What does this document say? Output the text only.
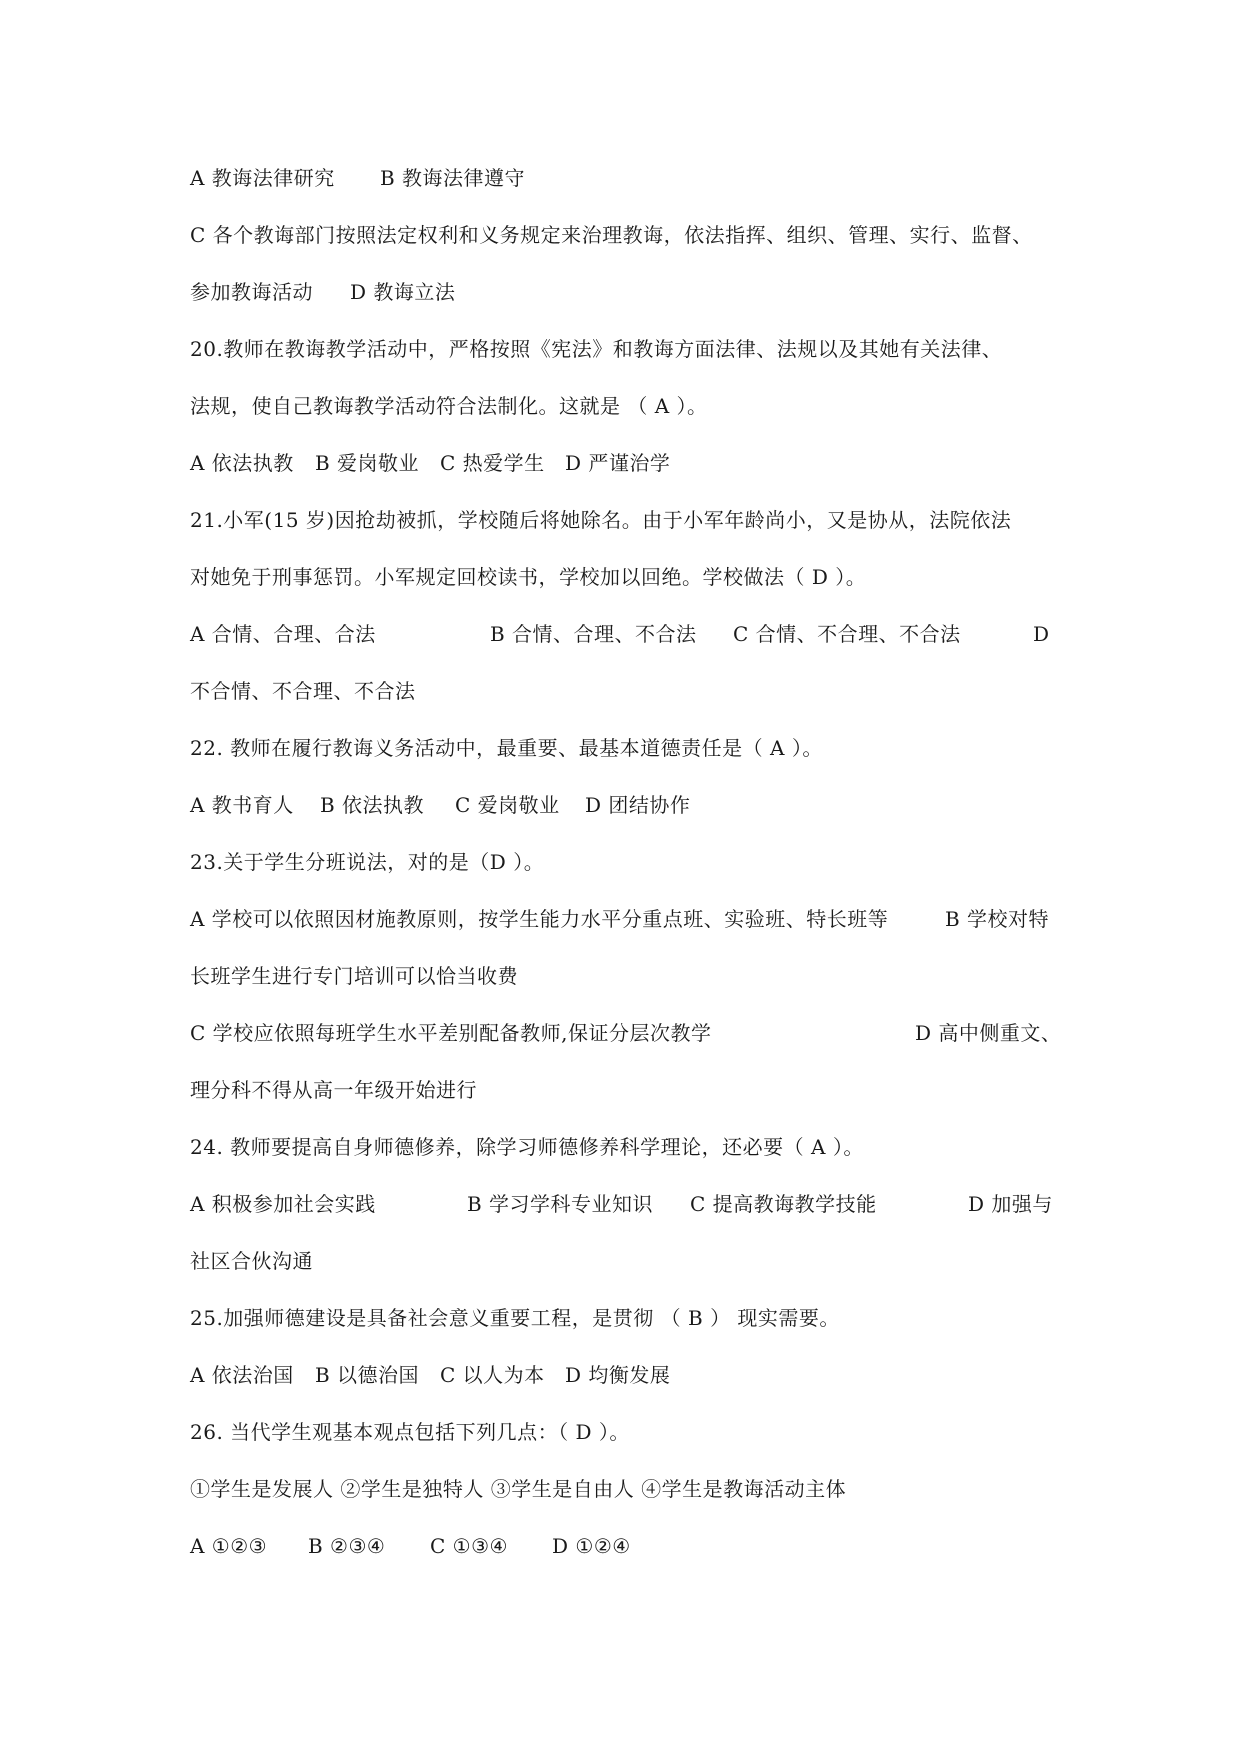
A 教诲法律研究 B 教诲法律遵守
C 各个教诲部门按照法定权利和义务规定来治理教诲，依法指挥、组织、管理、实行、监督、
参加教诲活动 D 教诲立法
20.教师在教诲教学活动中，严格按照《宪法》和教诲方面法律、法规以及其她有关法律、
法规，使自己教诲教学活动符合法制化。这就是 （ A ）。
A 依法执教 B 爱岗敬业 C 热爱学生 D 严谨治学
21.小军(15 岁)因抢劫被抓，学校随后将她除名。由于小军年龄尚小，又是协从，法院依法
对她免于刑事惩罚。小军规定回校读书，学校加以回绝。学校做法（ D ）。
A 合情、合理、合法	B 合情、合理、不合法 C 合情、不合理、不合法	D
不合情、不合理、不合法
22. 教师在履行教诲义务活动中，最重要、最基本道德责任是（ A ）。
A 教书育人 B 依法执教 C 爱岗敬业 D 团结协作
23.关于学生分班说法，对的是（D ）。
A 学校可以依照因材施教原则，按学生能力水平分重点班、实验班、特长班等	B 学校对特
长班学生进行专门培训可以恰当收费
C 学校应依照每班学生水平差别配备教师,保证分层次教学	D 高中侧重文、
理分科不得从高一年级开始进行
24. 教师要提高自身师德修养，除学习师德修养科学理论，还必要（ A ）。
A 积极参加社会实践	B 学习学科专业知识 C 提高教诲教学技能	D 加强与
社区合伙沟通
25.加强师德建设是具备社会意义重要工程，是贯彻 （ B ） 现实需要。
A 依法治国 B 以德治国 C 以人为本 D 均衡发展
26. 当代学生观基本观点包括下列几点：（ D ）。
①学生是发展人 ②学生是独特人 ③学生是自由人 ④学生是教诲活动主体
A ①②③ B ②③④ C ①③④ D ①②④
